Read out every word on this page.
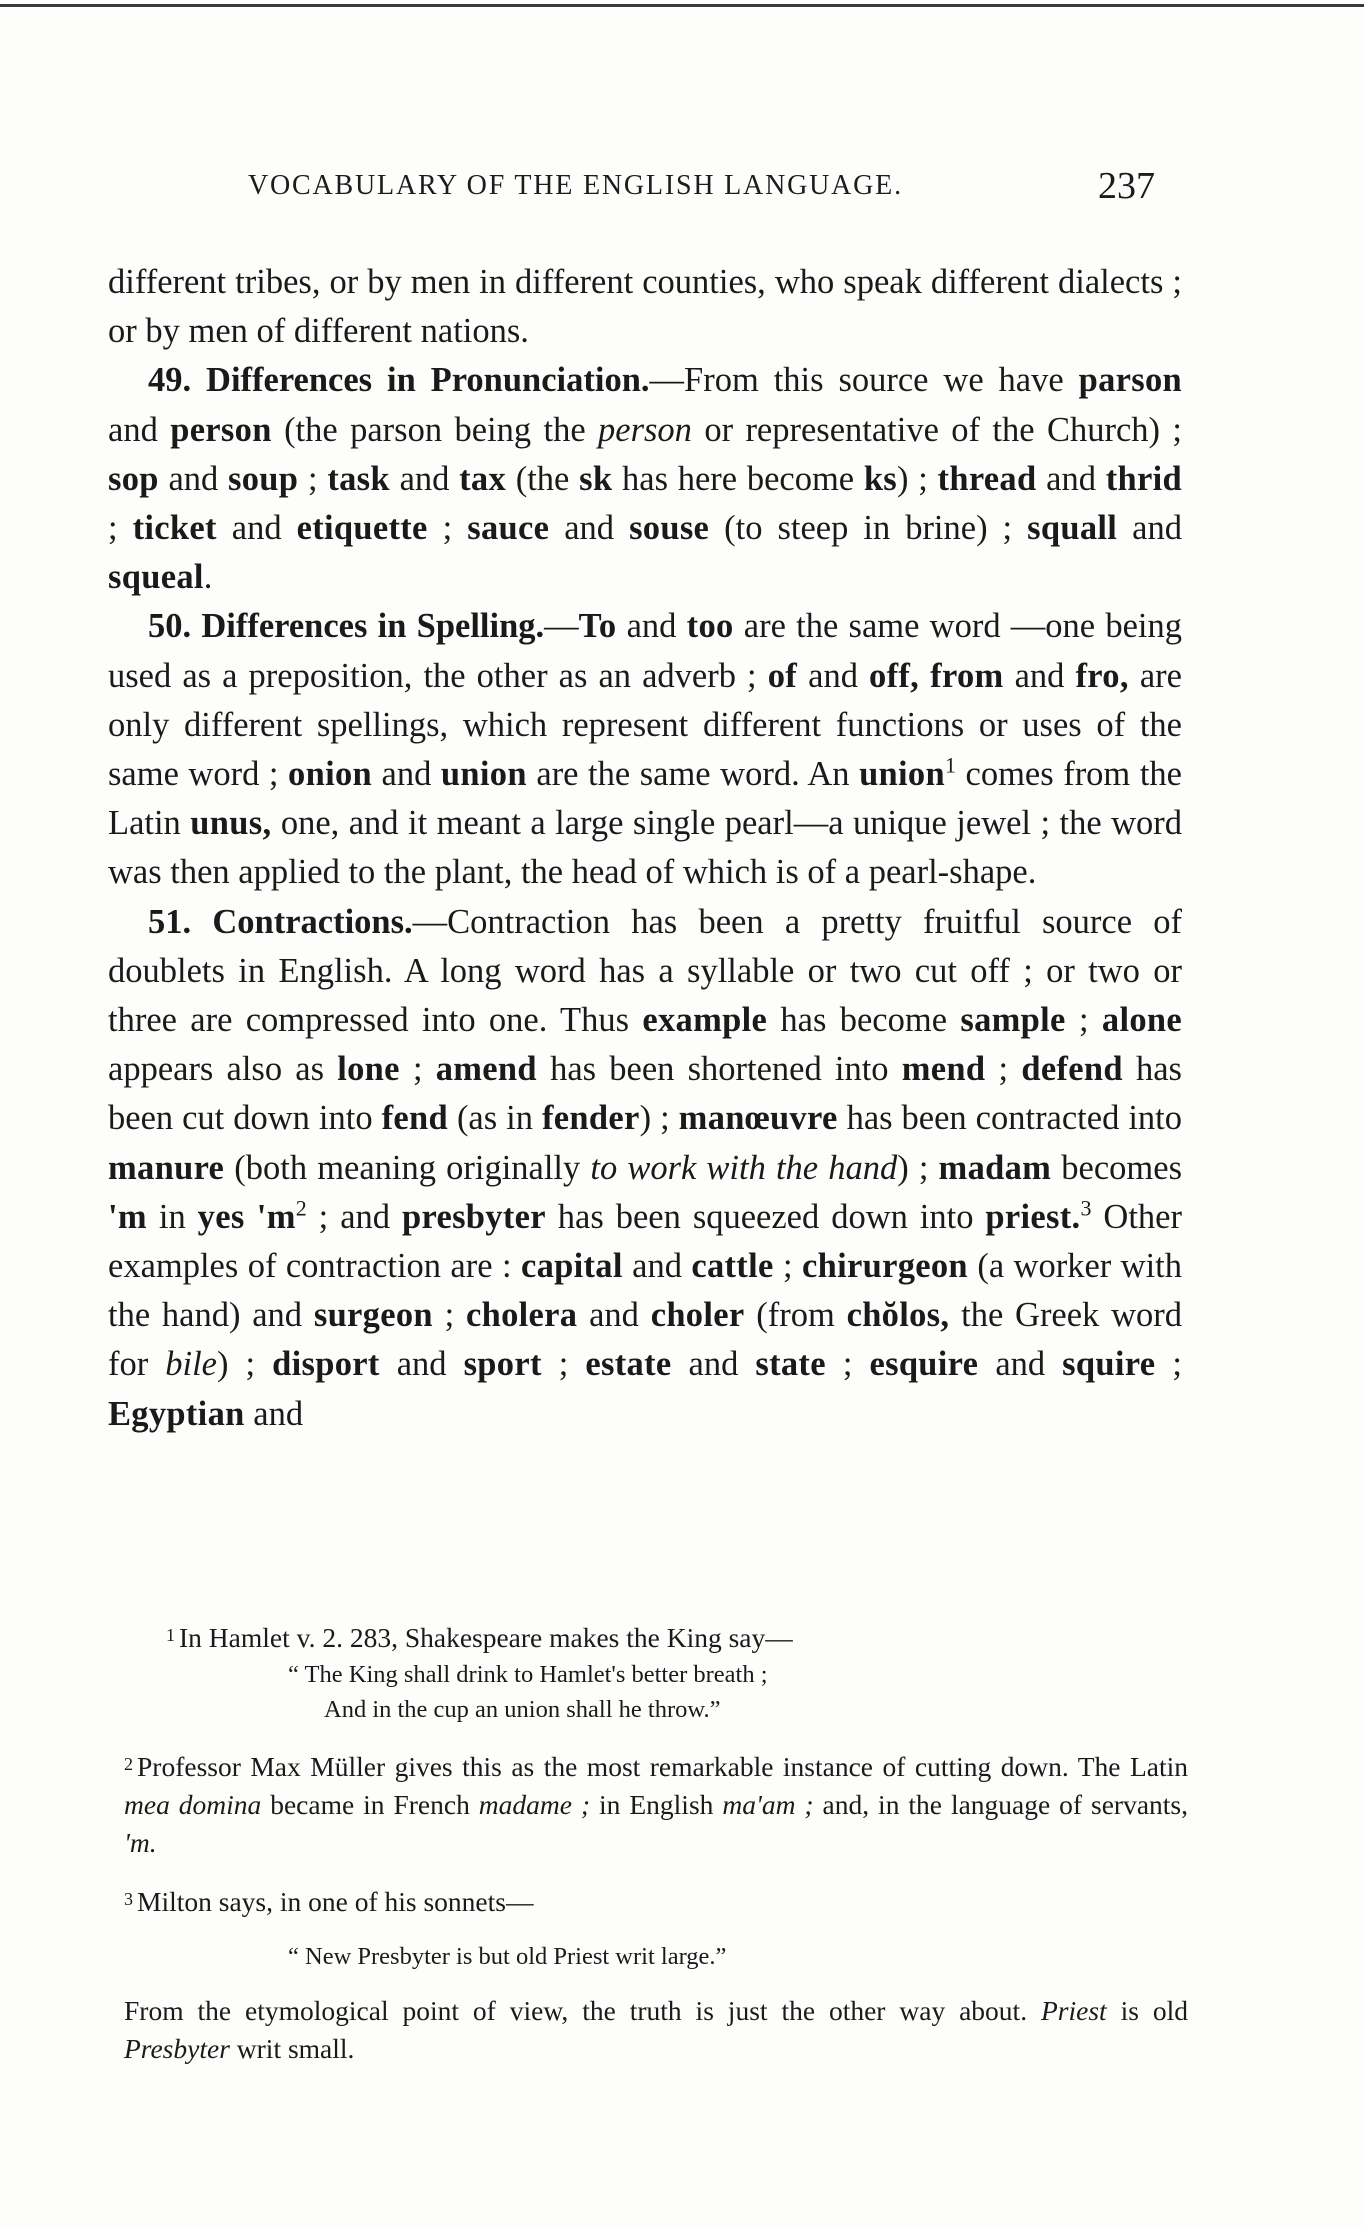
VOCABULARY OF THE ENGLISH LANGUAGE.	237

different tribes, or by men in different counties, who speak different dialects ; or by men of different nations.

49. Differences in Pronunciation.—From this source we have parson and person (the parson being the person or representative of the Church) ; sop and soup ; task and tax (the sk has here become ks) ; thread and thrid ; ticket and etiquette ; sauce and souse (to steep in brine) ; squall and squeal.

50. Differences in Spelling.—To and too are the same word —one being used as a preposition, the other as an adverb ; of and off, from and fro, are only different spellings, which represent different functions or uses of the same word ; onion and union are the same word. An union$^1$ comes from the Latin unus, one, and it meant a large single pearl—a unique jewel ; the word was then applied to the plant, the head of which is of a pearl-shape.

51. Contractions.—Contraction has been a pretty fruitful source of doublets in English. A long word has a syllable or two cut off ; or two or three are compressed into one. Thus example has become sample ; alone appears also as lone ; amend has been shortened into mend ; defend has been cut down into fend (as in fender) ; manœuvre has been contracted into manure (both meaning originally to work with the hand) ; madam becomes 'm in yes '$m^2$ ; and presbyter has been squeezed down into priest.$^3$ Other examples of contraction are : capital and cattle ; chirurgeon (a worker with the hand) and surgeon ; cholera and choler (from chŏlos, the Greek word for bile) ; disport and sport ; estate and state ; esquire and squire ; Egyptian and

$^1$ In Hamlet v. 2. 283, Shakespeare makes the King say—

“ The King shall drink to Hamlet's better breath ;

And in the cup an union shall he throw.”

$^2$ Professor Max Müller gives this as the most remarkable instance of cutting down. The Latin mea domina became in French madame ; in English ma'am ; and, in the language of servants, 'm.

$^3$ Milton says, in one of his sonnets—

“ New Presbyter is but old Priest writ large.”

From the etymological point of view, the truth is just the other way about. Priest is old Presbyter writ small.
